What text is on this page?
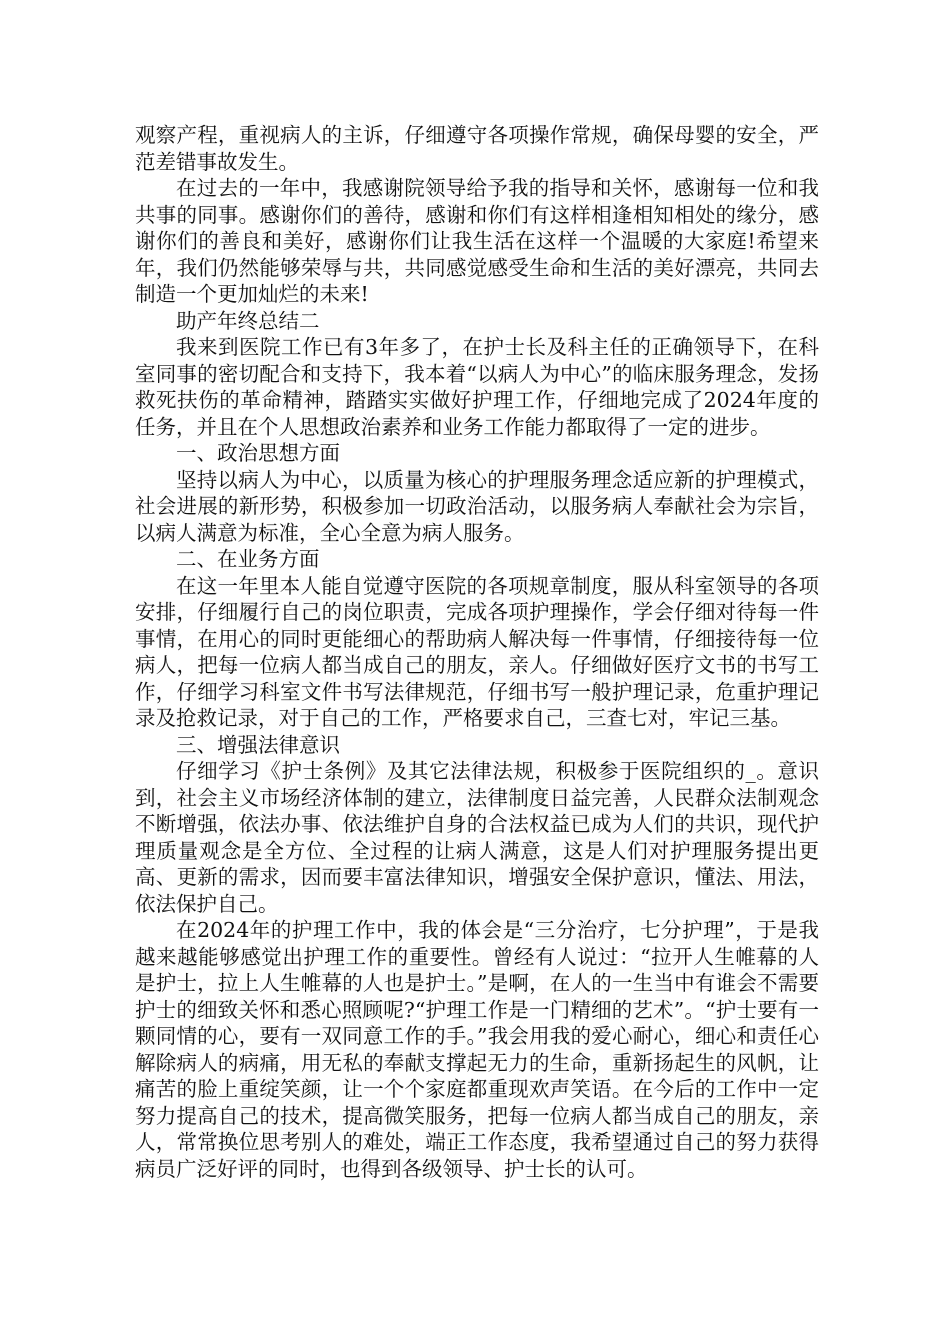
观察产程，重视病人的主诉，仔细遵守各项操作常规，确保母婴的安全，严范差错事故发生。

在过去的一年中，我感谢院领导给予我的指导和关怀，感谢每一位和我共事的同事。感谢你们的善待，感谢和你们有这样相逢相知相处的缘分，感谢你们的善良和美好，感谢你们让我生活在这样一个温暖的大家庭!希望来年，我们仍然能够荣辱与共，共同感觉感受生命和生活的美好漂亮，共同去制造一个更加灿烂的未来!

助产年终总结二

我来到医院工作已有3年多了，在护士长及科主任的正确领导下，在科室同事的密切配合和支持下，我本着“以病人为中心”的临床服务理念，发扬救死扶伤的革命精神，踏踏实实做好护理工作，仔细地完成了2024年度的任务，并且在个人思想政治素养和业务工作能力都取得了一定的进步。

一、政治思想方面

坚持以病人为中心，以质量为核心的护理服务理念适应新的护理模式，社会进展的新形势，积极参加一切政治活动，以服务病人奉献社会为宗旨，以病人满意为标准，全心全意为病人服务。

二、在业务方面

在这一年里本人能自觉遵守医院的各项规章制度，服从科室领导的各项安排，仔细履行自己的岗位职责，完成各项护理操作，学会仔细对待每一件事情，在用心的同时更能细心的帮助病人解决每一件事情，仔细接待每一位病人，把每一位病人都当成自己的朋友，亲人。仔细做好医疗文书的书写工作，仔细学习科室文件书写法律规范，仔细书写一般护理记录，危重护理记录及抢救记录，对于自己的工作，严格要求自己，三查七对，牢记三基。

三、增强法律意识

仔细学习《护士条例》及其它法律法规，积极参于医院组织的_。意识到，社会主义市场经济体制的建立，法律制度日益完善，人民群众法制观念不断增强，依法办事、依法维护自身的合法权益已成为人们的共识，现代护理质量观念是全方位、全过程的让病人满意，这是人们对护理服务提出更高、更新的需求，因而要丰富法律知识，增强安全保护意识，懂法、用法，依法保护自己。

在2024年的护理工作中，我的体会是“三分治疗，七分护理”，于是我越来越能够感觉出护理工作的重要性。曾经有人说过：“拉开人生帷幕的人是护士，拉上人生帷幕的人也是护士。”是啊，在人的一生当中有谁会不需要护士的细致关怀和悉心照顾呢?“护理工作是一门精细的艺术”。“护士要有一颗同情的心，要有一双同意工作的手。”我会用我的爱心耐心，细心和责任心解除病人的病痛，用无私的奉献支撑起无力的生命，重新扬起生的风帆，让痛苦的脸上重绽笑颜，让一个个家庭都重现欢声笑语。在今后的工作中一定努力提高自己的技术，提高微笑服务，把每一位病人都当成自己的朋友，亲人，常常换位思考别人的难处，端正工作态度，我希望通过自己的努力获得病员广泛好评的同时，也得到各级领导、护士长的认可。
